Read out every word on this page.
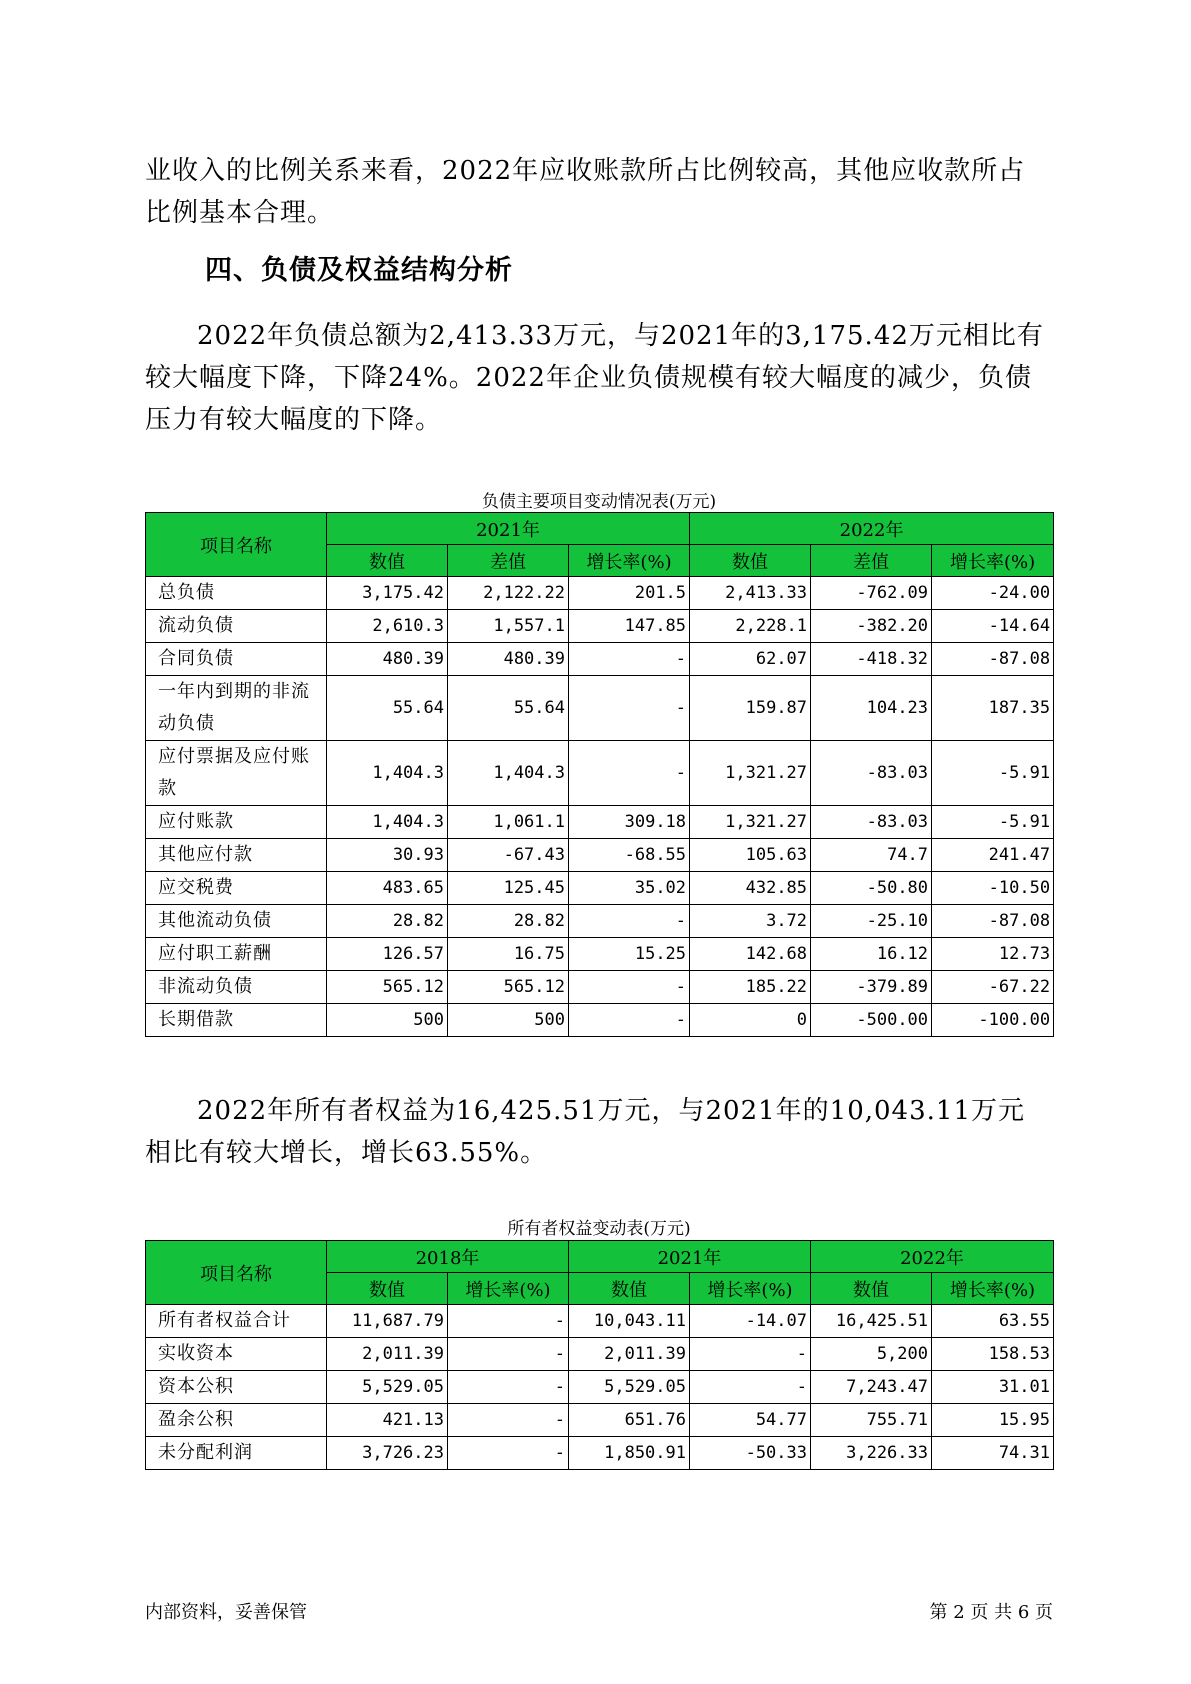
业收入的比例关系来看，2022年应收账款所占比例较高，其他应收款所占

比例基本合理。

四、负债及权益结构分析

2022年负债总额为2,413.33万元，与2021年的3,175.42万元相比有较大幅度下降，下降24%。2022年企业负债规模有较大幅度的减少，负债压力有较大幅度的下降。

负债主要项目变动情况表(万元)
项目名称	2021年			2022年		
	数值	差值	增长率(%)	数值	差值	增长率(%)
总负债	3,175.42	2,122.22	201.5	2,413.33	-762.09	-24.00
流动负债	2,610.3	1,557.1	147.85	2,228.1	-382.20	-14.64
合同负债	480.39	480.39	-	62.07	-418.32	-87.08
一年内到期的非流动负债	55.64	55.64	-	159.87	104.23	187.35
应付票据及应付账款	1,404.3	1,404.3	-	1,321.27	-83.03	-5.91
应付账款	1,404.3	1,061.1	309.18	1,321.27	-83.03	-5.91
其他应付款	30.93	-67.43	-68.55	105.63	74.7	241.47
应交税费	483.65	125.45	35.02	432.85	-50.80	-10.50
其他流动负债	28.82	28.82	-	3.72	-25.10	-87.08
应付职工薪酬	126.57	16.75	15.25	142.68	16.12	12.73
非流动负债	565.12	565.12	-	185.22	-379.89	-67.22
长期借款	500	500	-	0	-500.00	-100.00

2022年所有者权益为16,425.51万元，与2021年的10,043.11万元相比有较大增长，增长63.55%。

所有者权益变动表(万元)
项目名称	2018年		2021年		2022年	
	数值	增长率(%)	数值	增长率(%)	数值	增长率(%)
所有者权益合计	11,687.79	-	10,043.11	-14.07	16,425.51	63.55
实收资本	2,011.39	-	2,011.39	-	5,200	158.53
资本公积	5,529.05	-	5,529.05	-	7,243.47	31.01
盈余公积	421.13	-	651.76	54.77	755.71	15.95
未分配利润	3,726.23	-	1,850.91	-50.33	3,226.33	74.31
内部资料，妥善保管	第 2 页 共 6 页
